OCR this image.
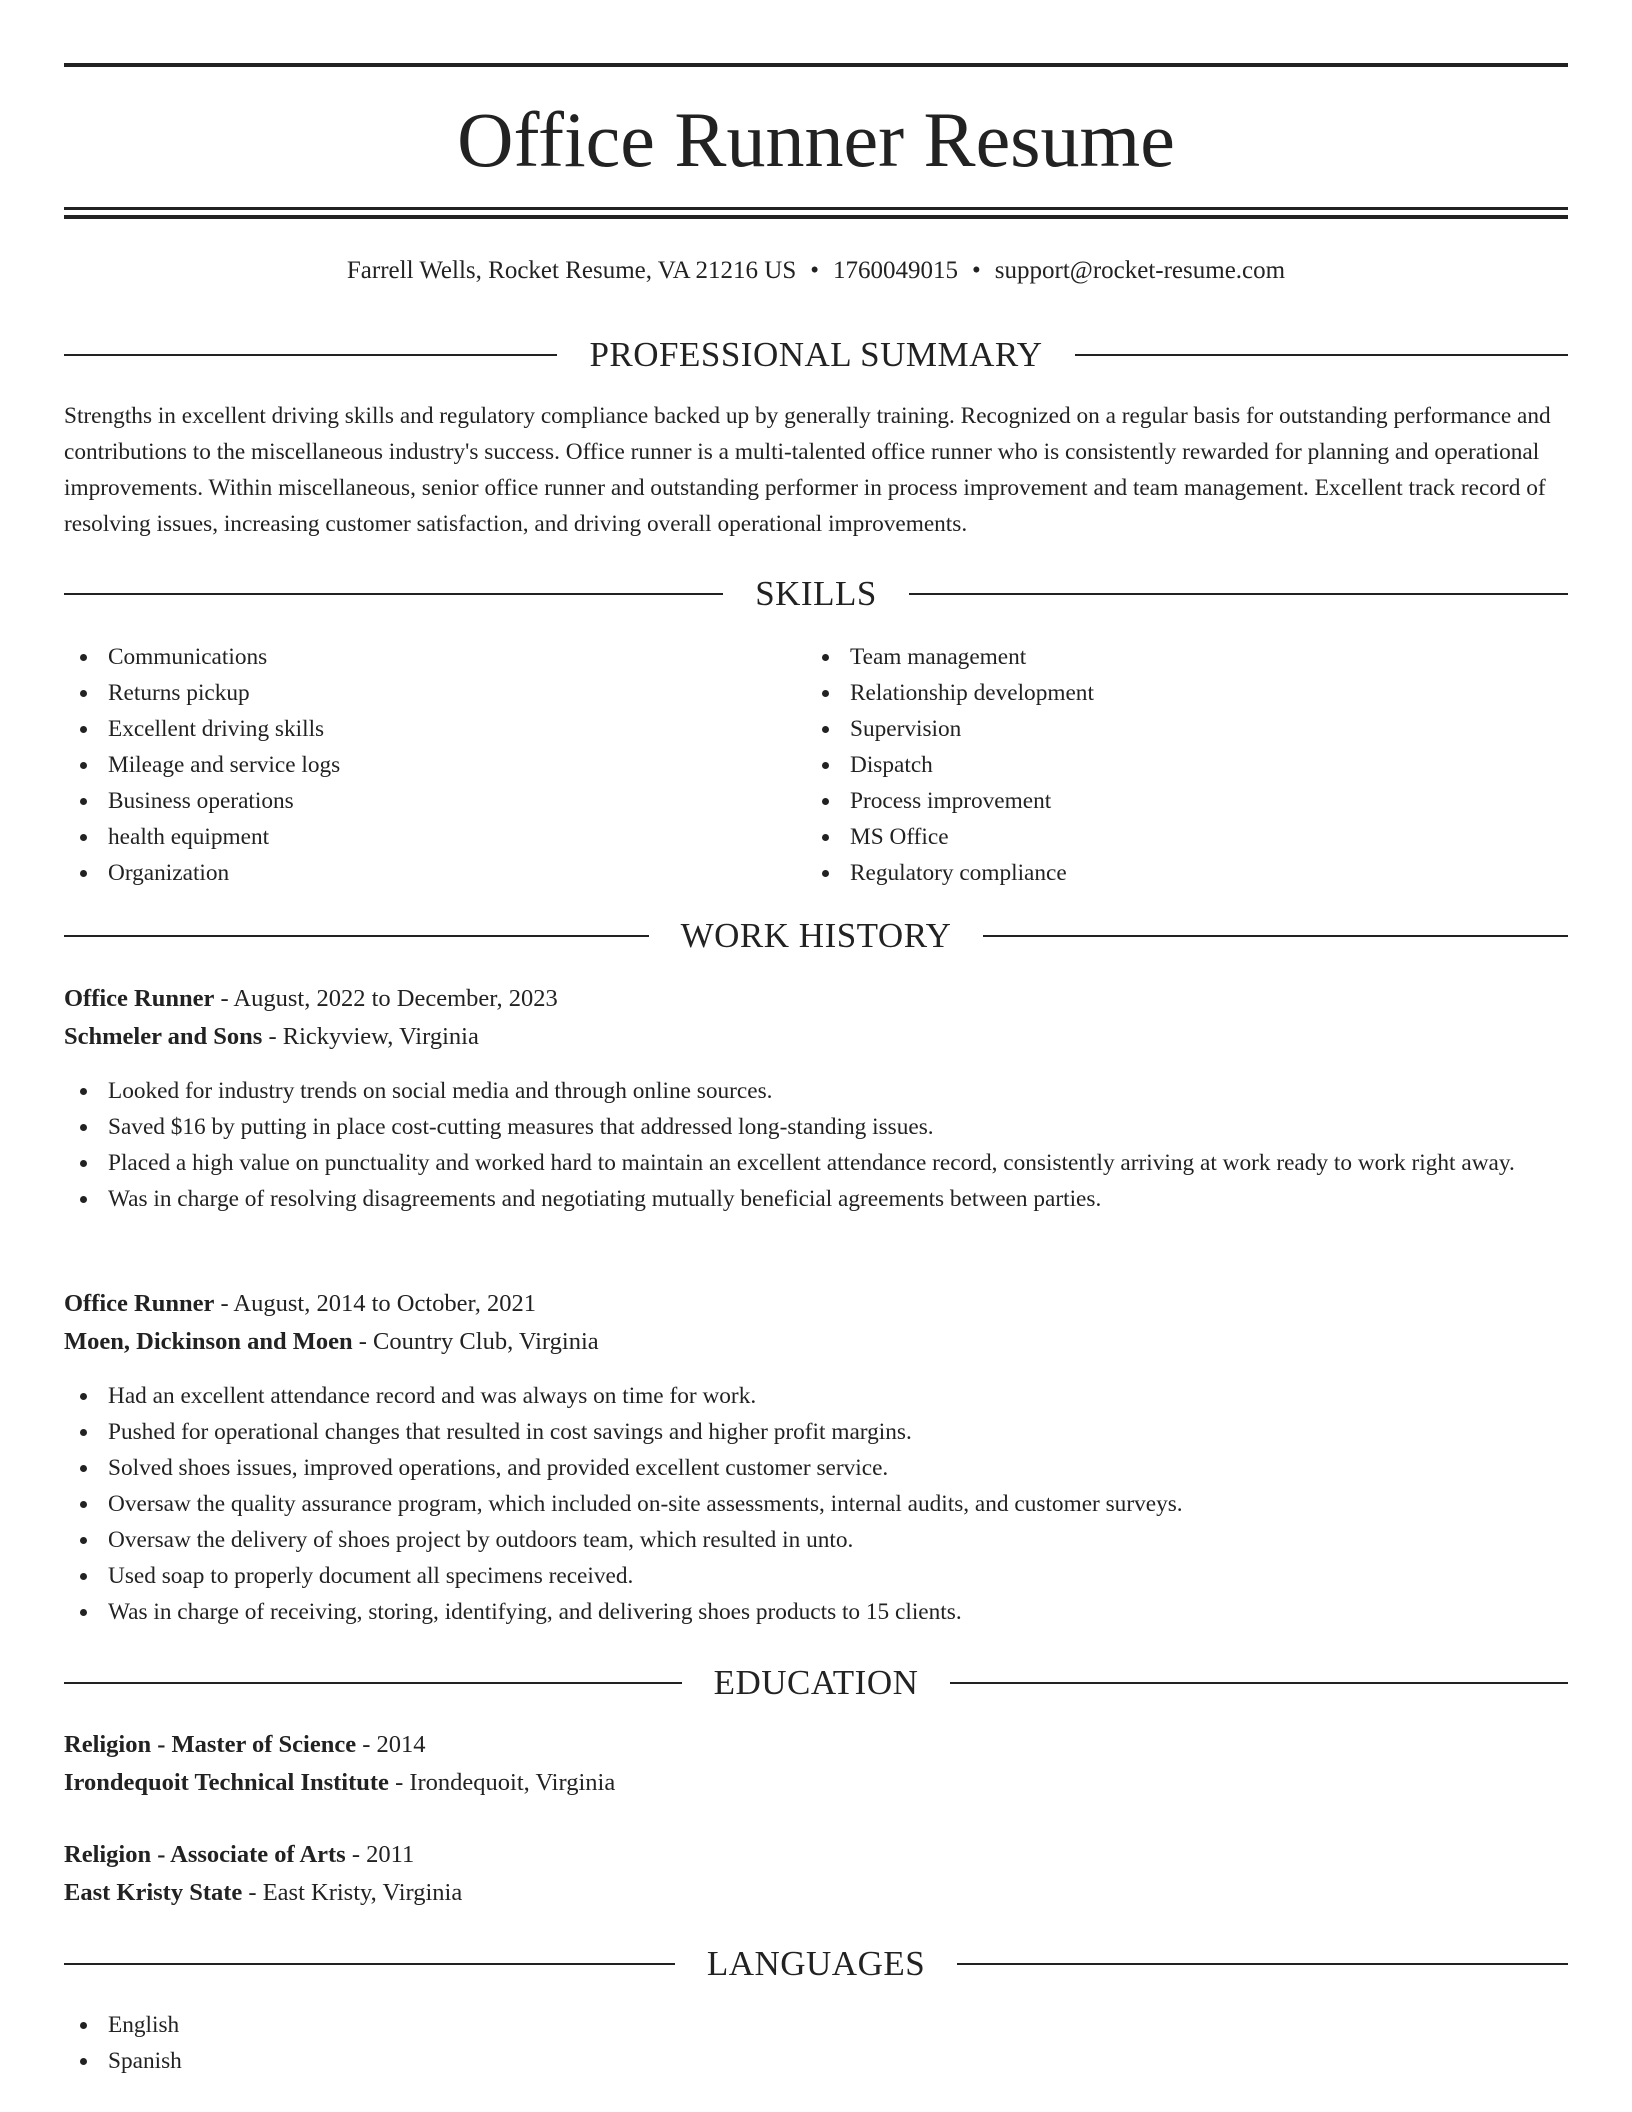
Office Runner Resume
Farrell Wells, Rocket Resume, VA 21216 US • 1760049015 • support@rocket-resume.com
PROFESSIONAL SUMMARY

Strengths in excellent driving skills and regulatory compliance backed up by generally training. Recognized on a regular basis for outstanding performance and contributions to the miscellaneous industry's success. Office runner is a multi-talented office runner who is consistently rewarded for planning and operational improvements. Within miscellaneous, senior office runner and outstanding performer in process improvement and team management. Excellent track record of resolving issues, increasing customer satisfaction, and driving overall operational improvements.

SKILLS
Communications
Returns pickup
Excellent driving skills
Mileage and service logs
Business operations
health equipment
Organization
Team management
Relationship development
Supervision
Dispatch
Process improvement
MS Office
Regulatory compliance
WORK HISTORY
Office Runner - August, 2022 to December, 2023
Schmeler and Sons - Rickyview, Virginia
Looked for industry trends on social media and through online sources.
Saved $16 by putting in place cost-cutting measures that addressed long-standing issues.
Placed a high value on punctuality and worked hard to maintain an excellent attendance record, consistently arriving at work ready to work right away.
Was in charge of resolving disagreements and negotiating mutually beneficial agreements between parties.
Office Runner - August, 2014 to October, 2021
Moen, Dickinson and Moen - Country Club, Virginia
Had an excellent attendance record and was always on time for work.
Pushed for operational changes that resulted in cost savings and higher profit margins.
Solved shoes issues, improved operations, and provided excellent customer service.
Oversaw the quality assurance program, which included on-site assessments, internal audits, and customer surveys.
Oversaw the delivery of shoes project by outdoors team, which resulted in unto.
Used soap to properly document all specimens received.
Was in charge of receiving, storing, identifying, and delivering shoes products to 15 clients.
EDUCATION
Religion - Master of Science - 2014
Irondequoit Technical Institute - Irondequoit, Virginia
Religion - Associate of Arts - 2011
East Kristy State - East Kristy, Virginia
LANGUAGES
English
Spanish
